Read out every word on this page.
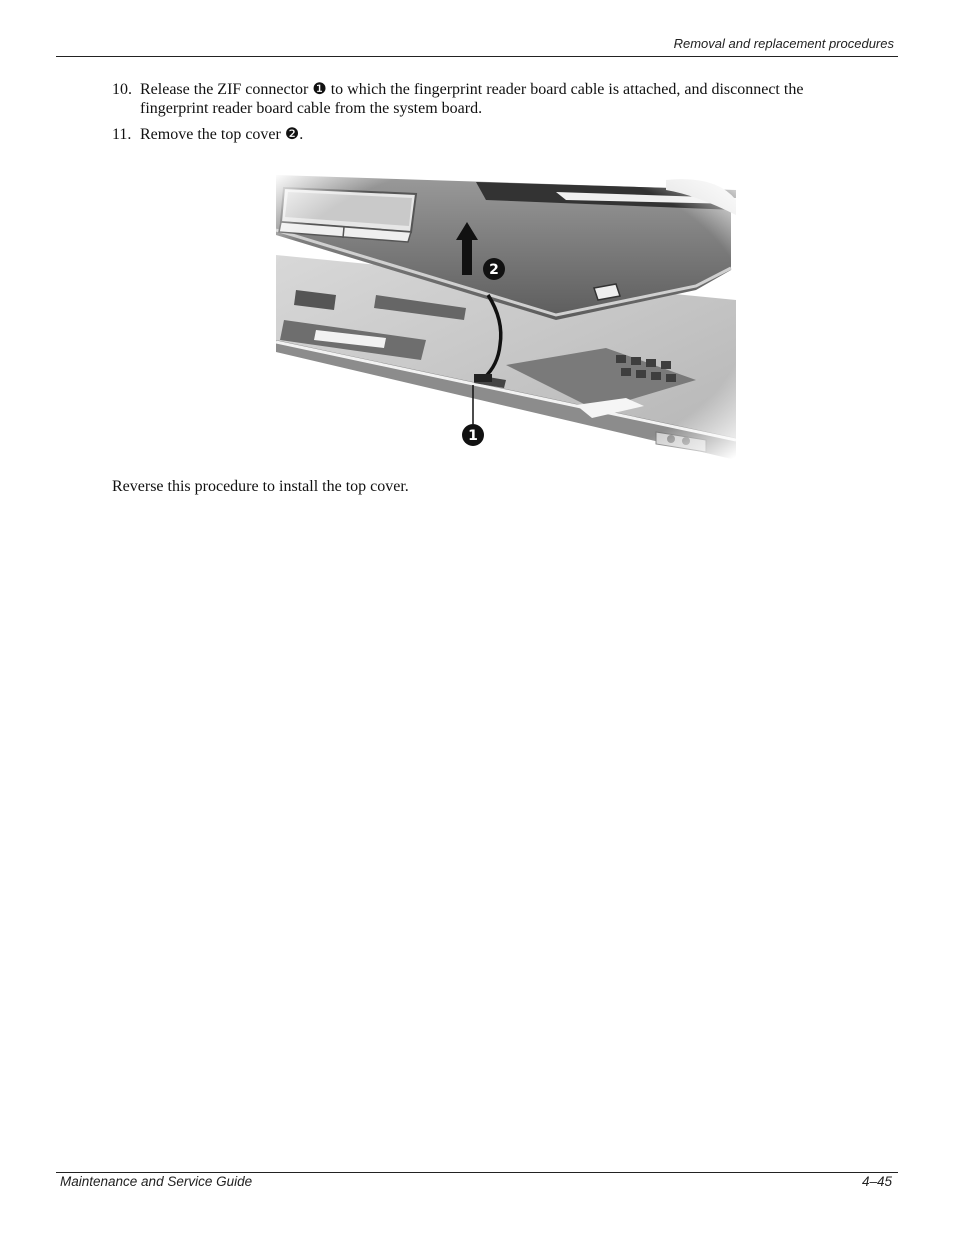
Removal and replacement procedures
10. Release the ZIF connector ❶ to which the fingerprint reader board cable is attached, and disconnect the fingerprint reader board cable from the system board.
11. Remove the top cover ❷.
Reverse this procedure to install the top cover.
Maintenance and Service Guide	4–45
